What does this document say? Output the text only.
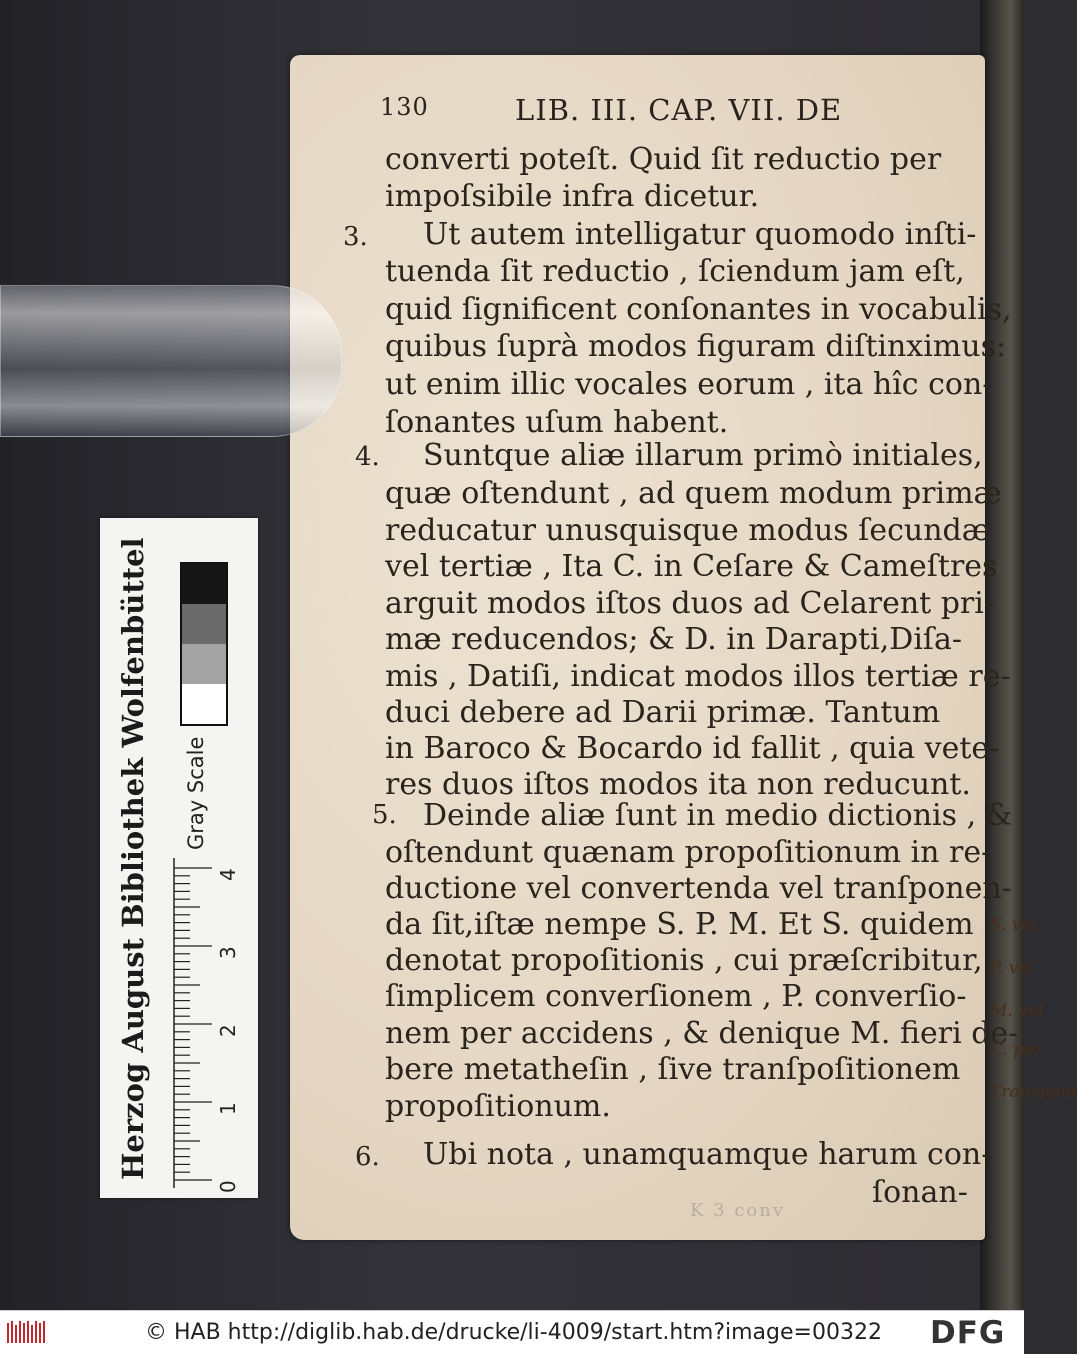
130	LIB. III. CAP. VII. DE
3.
4.
5.
6.
converti poteſt. Quid ſit reductio per
impoſsibile infra dicetur.
Ut autem intelligatur quomodo inſti-
tuenda ſit reductio , ſciendum jam eſt,
quid ſignificent conſonantes in vocabulis,
quibus ſuprà modos figuram diſtinximus:
ut enim illic vocales eorum , ita hîc con-
ſonantes uſum habent.
Suntque aliæ illarum primò initiales,
quæ oſtendunt , ad quem modum primæ
reducatur unusquisque modus ſecundæ
vel tertiæ , Ita C. in Ceſare & Cameſtres
arguit modos iſtos duos ad Celarent pri-
mæ reducendos; & D. in Darapti,Diſa-
mis , Datiſi, indicat modos illos tertiæ re-
duci debere ad Darii primæ. Tantum
in Baroco & Bocardo id fallit , quia vete-
res duos iſtos modos ita non reducunt.
Deinde aliæ ſunt in medio dictionis , &
oſtendunt quænam propoſitionum in re-
ductione vel convertenda vel tranſponen-
da ſit,iſtæ nempe S. P. M. Et S. quidem
denotat propoſitionis , cui præſcribitur,
ſimplicem converſionem , P. converſio-
nem per accidens , & denique M. fieri de-
bere metatheſin , ſive tranſpoſitionem
propoſitionum.
Ubi nota , unamquamque harum con-
ſonan-
K 3 conv
S. vel
P. vel
M. vel
C. per
Transponi
Herzog August Bibliothek Wolfenbüttel
0
1
2
3
4
Gray Scale
© HAB http://diglib.hab.de/drucke/li-4009/start.htm?image=00322 DFG
